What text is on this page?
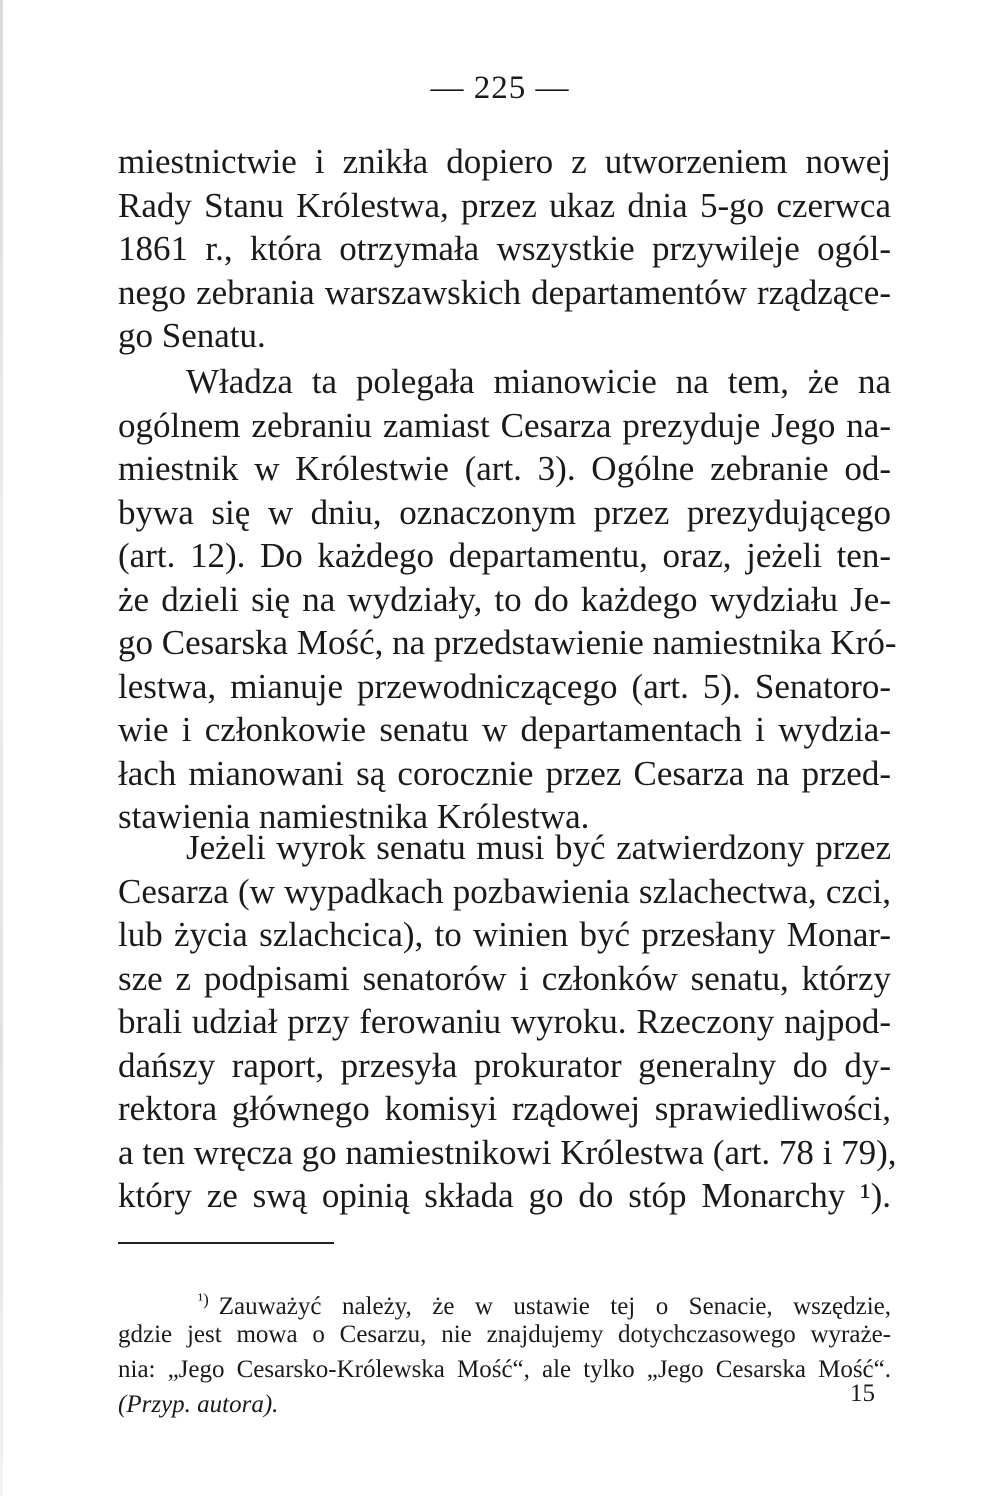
— 225 —
miestnictwie i znikła dopiero z utworzeniem nowej
Rady Stanu Królestwa, przez ukaz dnia 5-go czerwca
1861 r., która otrzymała wszystkie przywileje ogól-
nego zebrania warszawskich departamentów rządzące-
go Senatu.
Władza ta polegała mianowicie na tem, że na
ogólnem zebraniu zamiast Cesarza prezyduje Jego na-
miestnik w Królestwie (art. 3). Ogólne zebranie od-
bywa się w dniu, oznaczonym przez prezydującego
(art. 12). Do każdego departamentu, oraz, jeżeli ten-
że dzieli się na wydziały, to do każdego wydziału Je-
go Cesarska Mość, na przedstawienie namiestnika Kró-
lestwa, mianuje przewodniczącego (art. 5). Senatoro-
wie i członkowie senatu w departamentach i wydzia-
łach mianowani są corocznie przez Cesarza na przed-
stawienia namiestnika Królestwa.
Jeżeli wyrok senatu musi być zatwierdzony przez
Cesarza (w wypadkach pozbawienia szlachectwa, czci,
lub życia szlachcica), to winien być przesłany Monar-
sze z podpisami senatorów i członków senatu, którzy
brali udział przy ferowaniu wyroku. Rzeczony najpod-
dańszy raport, przesyła prokurator generalny do dy-
rektora głównego komisyi rządowej sprawiedliwości,
a ten wręcza go namiestnikowi Królestwa (art. 78 i 79),
który ze swą opinią składa go do stóp Monarchy ¹).
$^{^1)}$ Zauważyć należy, że w ustawie tej o Senacie, wszędzie,
gdzie jest mowa o Cesarzu, nie znajdujemy dotychczasowego wyraże-
nia: „Jego Cesarsko-Królewska Mość“, ale tylko „Jego Cesarska Mość“.
(Przyp. autora).	15
